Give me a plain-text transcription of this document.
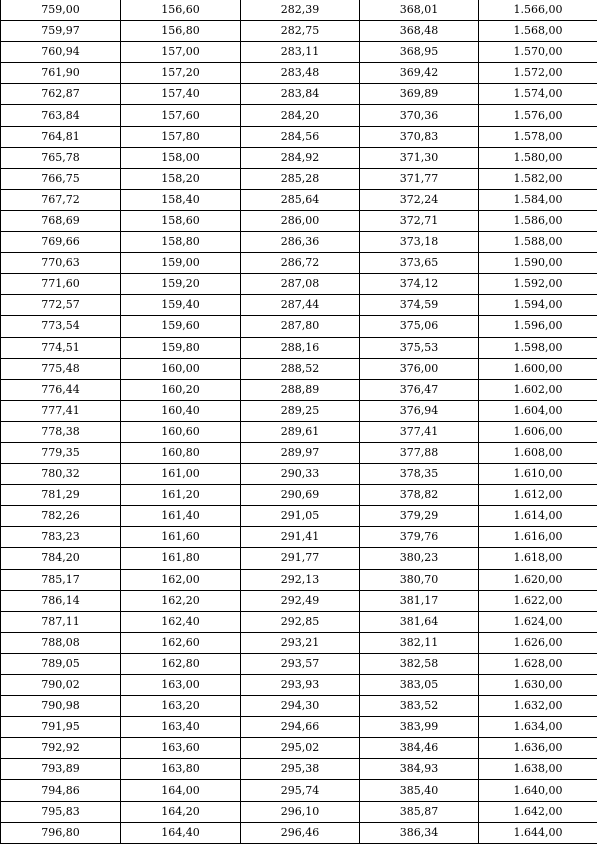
759,00	156,60	282,39	368,01	1.566,00
759,97	156,80	282,75	368,48	1.568,00
760,94	157,00	283,11	368,95	1.570,00
761,90	157,20	283,48	369,42	1.572,00
762,87	157,40	283,84	369,89	1.574,00
763,84	157,60	284,20	370,36	1.576,00
764,81	157,80	284,56	370,83	1.578,00
765,78	158,00	284,92	371,30	1.580,00
766,75	158,20	285,28	371,77	1.582,00
767,72	158,40	285,64	372,24	1.584,00
768,69	158,60	286,00	372,71	1.586,00
769,66	158,80	286,36	373,18	1.588,00
770,63	159,00	286,72	373,65	1.590,00
771,60	159,20	287,08	374,12	1.592,00
772,57	159,40	287,44	374,59	1.594,00
773,54	159,60	287,80	375,06	1.596,00
774,51	159,80	288,16	375,53	1.598,00
775,48	160,00	288,52	376,00	1.600,00
776,44	160,20	288,89	376,47	1.602,00
777,41	160,40	289,25	376,94	1.604,00
778,38	160,60	289,61	377,41	1.606,00
779,35	160,80	289,97	377,88	1.608,00
780,32	161,00	290,33	378,35	1.610,00
781,29	161,20	290,69	378,82	1.612,00
782,26	161,40	291,05	379,29	1.614,00
783,23	161,60	291,41	379,76	1.616,00
784,20	161,80	291,77	380,23	1.618,00
785,17	162,00	292,13	380,70	1.620,00
786,14	162,20	292,49	381,17	1.622,00
787,11	162,40	292,85	381,64	1.624,00
788,08	162,60	293,21	382,11	1.626,00
789,05	162,80	293,57	382,58	1.628,00
790,02	163,00	293,93	383,05	1.630,00
790,98	163,20	294,30	383,52	1.632,00
791,95	163,40	294,66	383,99	1.634,00
792,92	163,60	295,02	384,46	1.636,00
793,89	163,80	295,38	384,93	1.638,00
794,86	164,00	295,74	385,40	1.640,00
795,83	164,20	296,10	385,87	1.642,00
796,80	164,40	296,46	386,34	1.644,00
